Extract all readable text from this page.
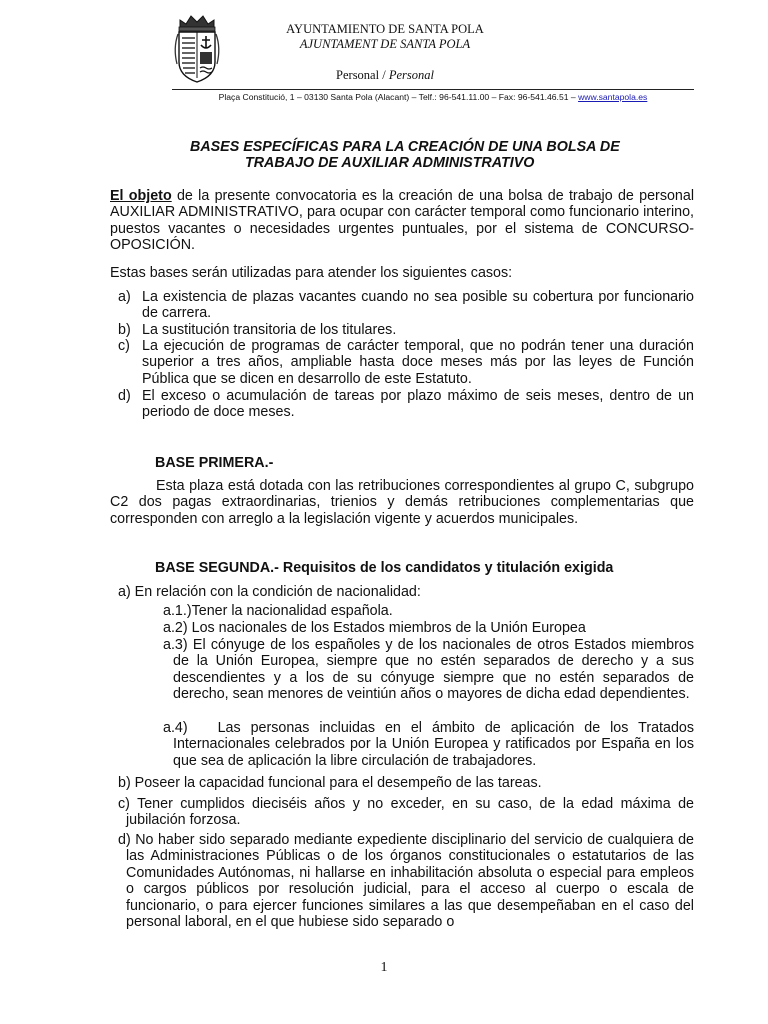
AYUNTAMIENTO DE SANTA POLA
AJUNTAMENT DE SANTA POLA
Personal / Personal
Plaça Constitució, 1 – 03130 Santa Pola (Alacant) – Telf.: 96-541.11.00 – Fax: 96-541.46.51 – www.santapola.es
BASES ESPECÍFICAS PARA LA CREACIÓN DE UNA BOLSA DE
TRABAJO DE AUXILIAR ADMINISTRATIVO
El objeto de la presente convocatoria es la creación de una bolsa de trabajo de personal AUXILIAR ADMINISTRATIVO, para ocupar con carácter temporal como funcionario interino, puestos vacantes o necesidades urgentes puntuales, por el sistema de CONCURSO-OPOSICIÓN.
Estas bases serán utilizadas para atender los siguientes casos:
a) La existencia de plazas vacantes cuando no sea posible su cobertura por funcionario de carrera.
b) La sustitución transitoria de los titulares.
c) La ejecución de programas de carácter temporal, que no podrán tener una duración superior a tres años, ampliable hasta doce meses más por las leyes de Función Pública que se dicen en desarrollo de este Estatuto.
d) El exceso o acumulación de tareas por plazo máximo de seis meses, dentro de un periodo de doce meses.
BASE PRIMERA.-
Esta plaza está dotada con las retribuciones correspondientes al grupo C, subgrupo C2 dos pagas extraordinarias, trienios y demás retribuciones complementarias que corresponden con arreglo a la legislación vigente y acuerdos municipales.
BASE SEGUNDA.- Requisitos de los candidatos y titulación exigida
a) En relación con la condición de nacionalidad:
a.1.)Tener la nacionalidad española.
a.2) Los nacionales de los Estados miembros de la Unión Europea
a.3) El cónyuge de los españoles y de los nacionales de otros Estados miembros de la Unión Europea, siempre que no estén separados de derecho y a sus descendientes y a los de su cónyuge siempre que no estén separados de derecho, sean menores de veintiún años o mayores de dicha edad dependientes.
a.4) Las personas incluidas en el ámbito de aplicación de los Tratados Internacionales celebrados por la Unión Europea y ratificados por España en los que sea de aplicación la libre circulación de trabajadores.
b) Poseer la capacidad funcional para el desempeño de las tareas.
c) Tener cumplidos dieciséis años y no exceder, en su caso, de la edad máxima de jubilación forzosa.
d) No haber sido separado mediante expediente disciplinario del servicio de cualquiera de las Administraciones Públicas o de los órganos constitucionales o estatutarios de las Comunidades Autónomas, ni hallarse en inhabilitación absoluta o especial para empleos o cargos públicos por resolución judicial, para el acceso al cuerpo o escala de funcionario, o para ejercer funciones similares a las que desempeñaban en el caso del personal laboral, en el que hubiese sido separado o
1
